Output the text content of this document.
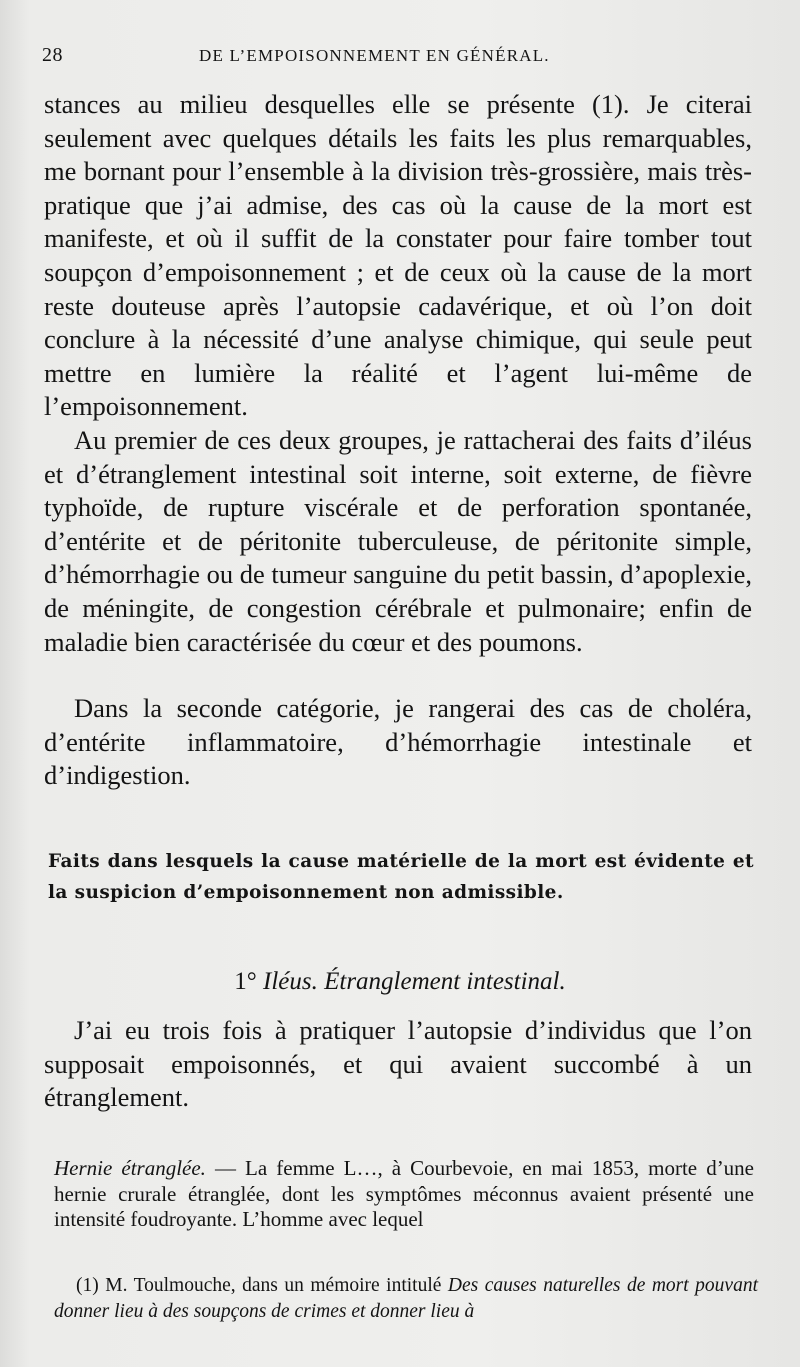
28	DE L’EMPOISONNEMENT EN GÉNÉRAL.

stances au milieu desquelles elle se présente (1). Je citerai seulement avec quelques détails les faits les plus remarquables, me bornant pour l’ensemble à la division très-grossière, mais très-pratique que j’ai admise, des cas où la cause de la mort est manifeste, et où il suffit de la constater pour faire tomber tout soupçon d’empoisonnement ; et de ceux où la cause de la mort reste douteuse après l’autopsie cadavérique, et où l’on doit conclure à la nécessité d’une analyse chimique, qui seule peut mettre en lumière la réalité et l’agent lui-même de l’empoisonnement.

Au premier de ces deux groupes, je rattacherai des faits d’iléus et d’étranglement intestinal soit interne, soit externe, de fièvre typhoïde, de rupture viscérale et de perforation spontanée, d’entérite et de péritonite tuberculeuse, de péritonite simple, d’hémorrhagie ou de tumeur sanguine du petit bassin, d’apoplexie, de méningite, de congestion cérébrale et pulmonaire; enfin de maladie bien caractérisée du cœur et des poumons.

Dans la seconde catégorie, je rangerai des cas de choléra, d’entérite inflammatoire, d’hémorrhagie intestinale et d’indigestion.

Faits dans lesquels la cause matérielle de la mort est évidente et la suspicion d’empoisonnement non admissible.
1° Iléus. Étranglement intestinal.

J’ai eu trois fois à pratiquer l’autopsie d’individus que l’on supposait empoisonnés, et qui avaient succombé à un étranglement.

Hernie étranglée. — La femme L…, à Courbevoie, en mai 1853, morte d’une hernie crurale étranglée, dont les symptômes méconnus avaient présenté une intensité foudroyante. L’homme avec lequel

(1) M. Toulmouche, dans un mémoire intitulé Des causes naturelles de mort pouvant donner lieu à des soupçons de crimes et donner lieu à
